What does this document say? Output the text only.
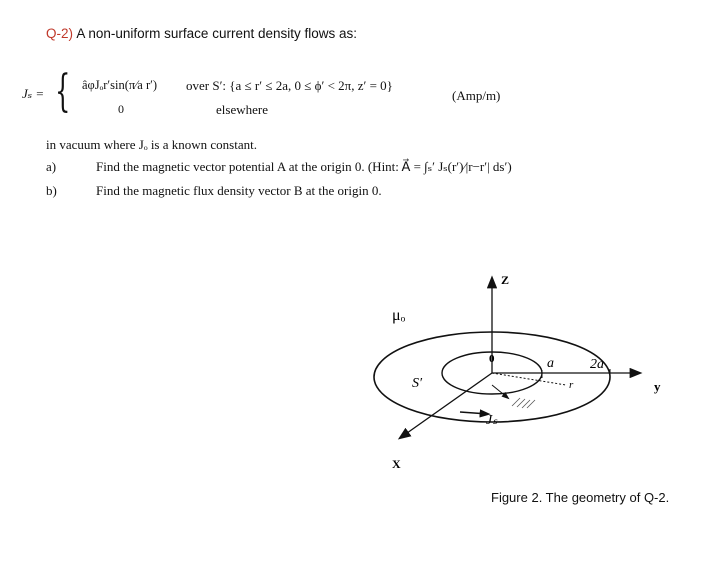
Q-2) A non-uniform surface current density flows as:
Jₛ = { âφJₒr′sin(π⁄a r′) over S′: {a ≤ r′ ≤ 2a, 0 ≤ ϕ′ < 2π, z′ = 0}
0	elsewhere
(Amp/m)
in vacuum where Jₒ is a known constant.
a)	Find the magnetic vector potential A at the origin 0. (Hint: A⃗ = ∫ₛ′ Jₛ(r′)⁄|r−r′| ds′)
b)	Find the magnetic flux density vector B at the origin 0.
Z
y
X
μₒ
S′
0	a	2a
r
Jₛ
Figure 2. The geometry of Q-2.
